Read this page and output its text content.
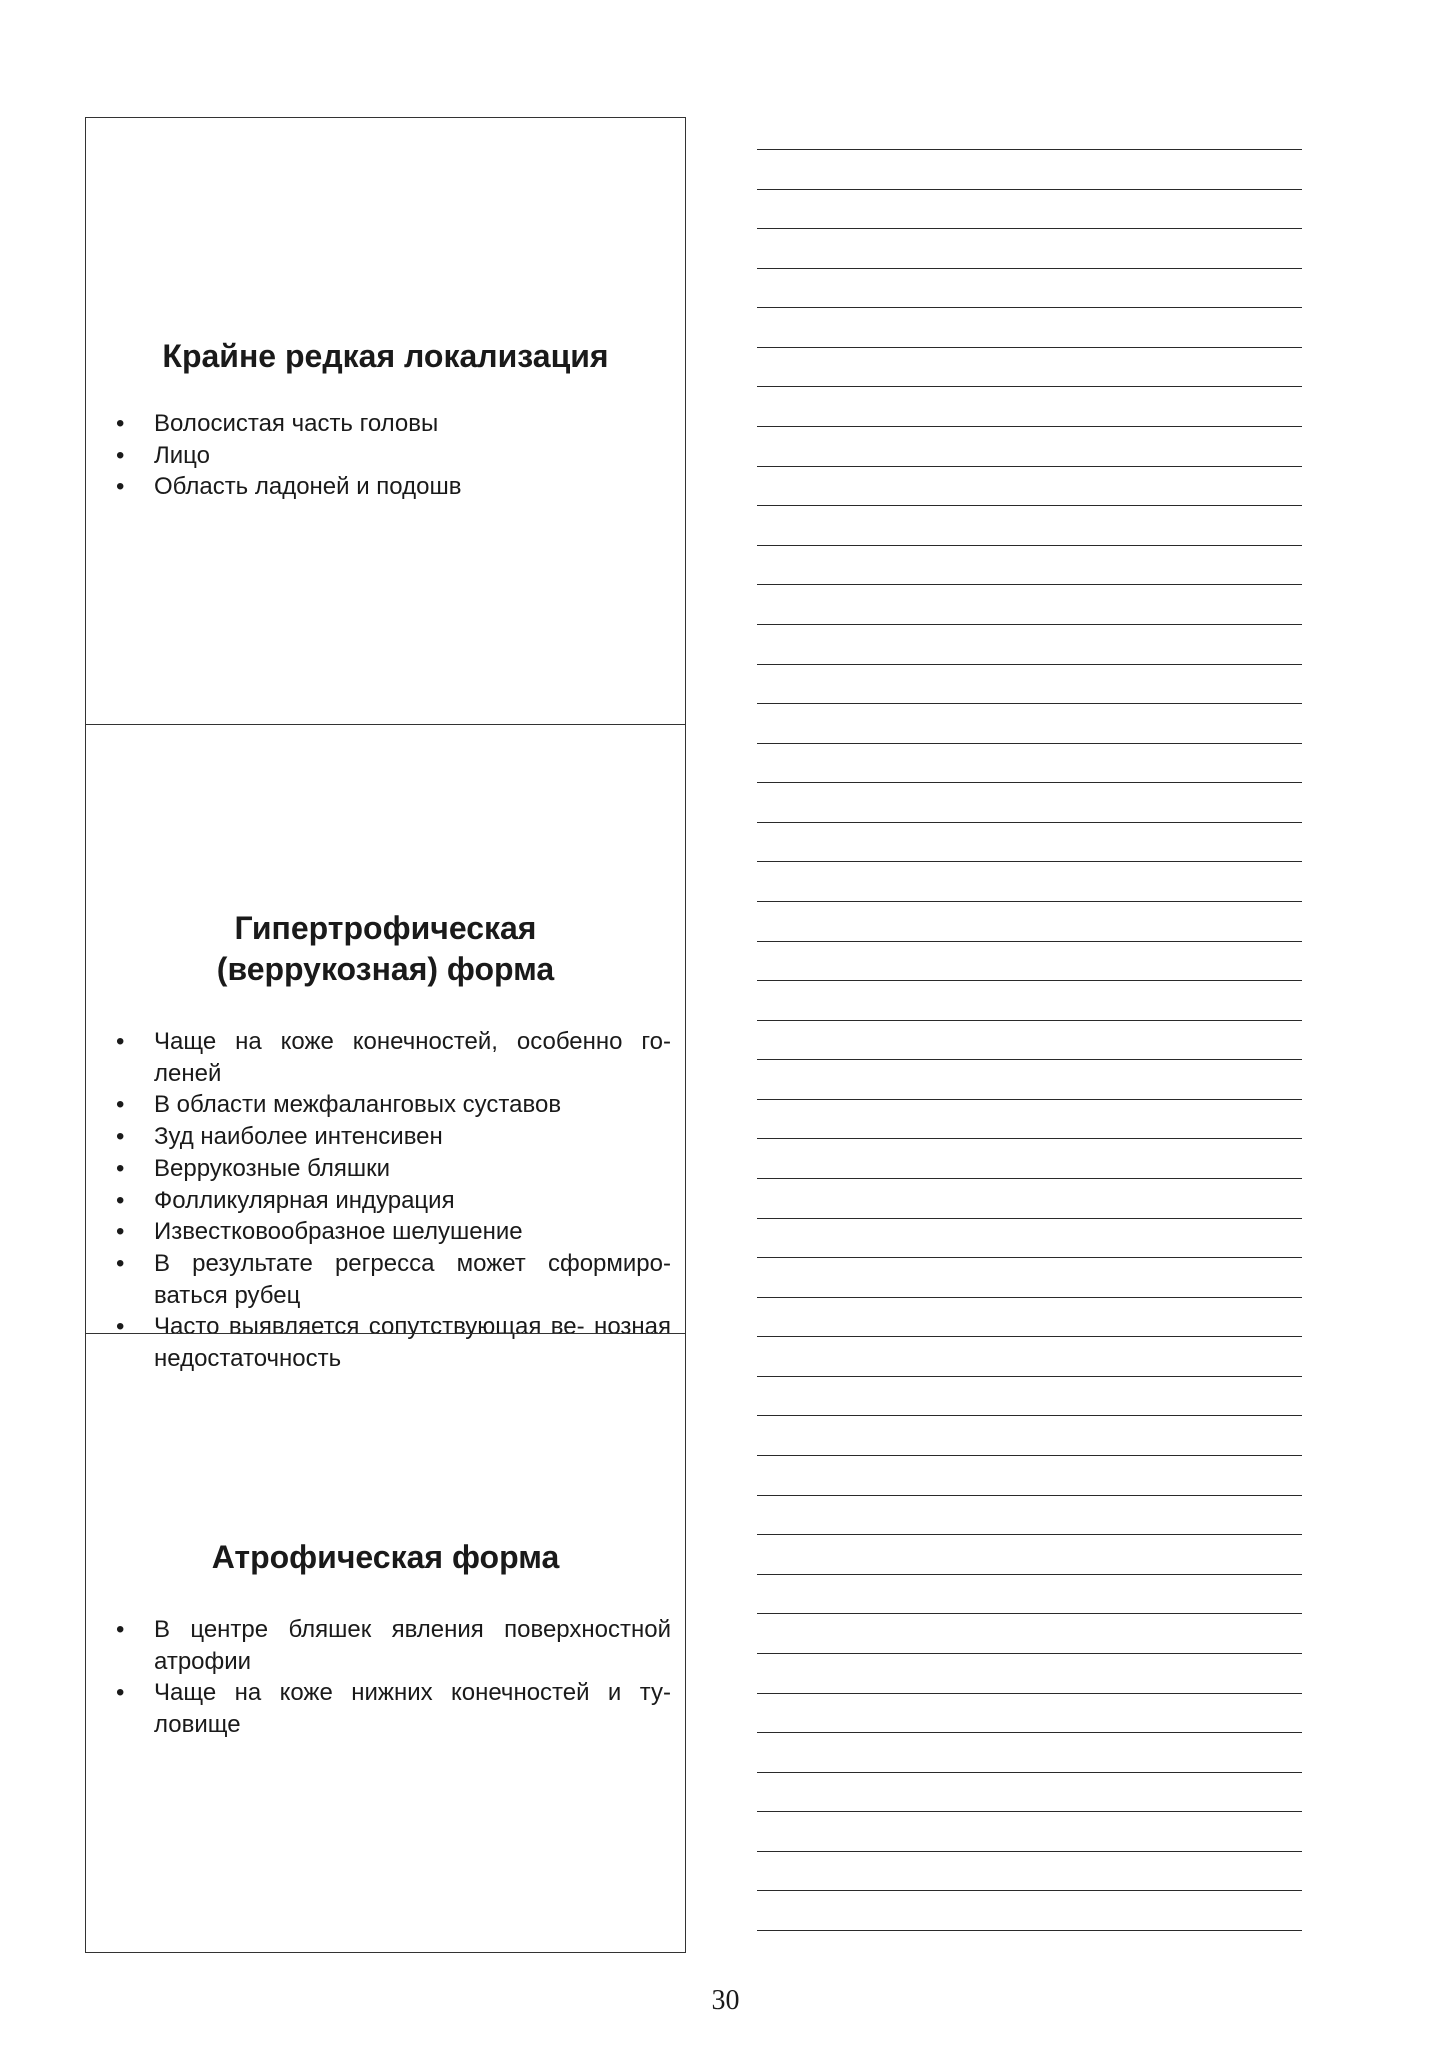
Крайне редкая локализация
• Волосистая часть головы
• Лицо
• Область ладоней и подошв
Гипертрофическая (веррукозная) форма
• Чаще на коже конечностей, особенно го- леней
• В области межфаланговых суставов
• Зуд наиболее интенсивен
• Веррукозные бляшки
• Фолликулярная индурация
• Известковообразное шелушение
• В результате регресса может сформиро- ваться рубец
• Часто выявляется сопутствующая ве- нозная недостаточность
Атрофическая форма
• В центре бляшек явления поверхностной атрофии
• Чаще на коже нижних конечностей и ту- ловище
30
